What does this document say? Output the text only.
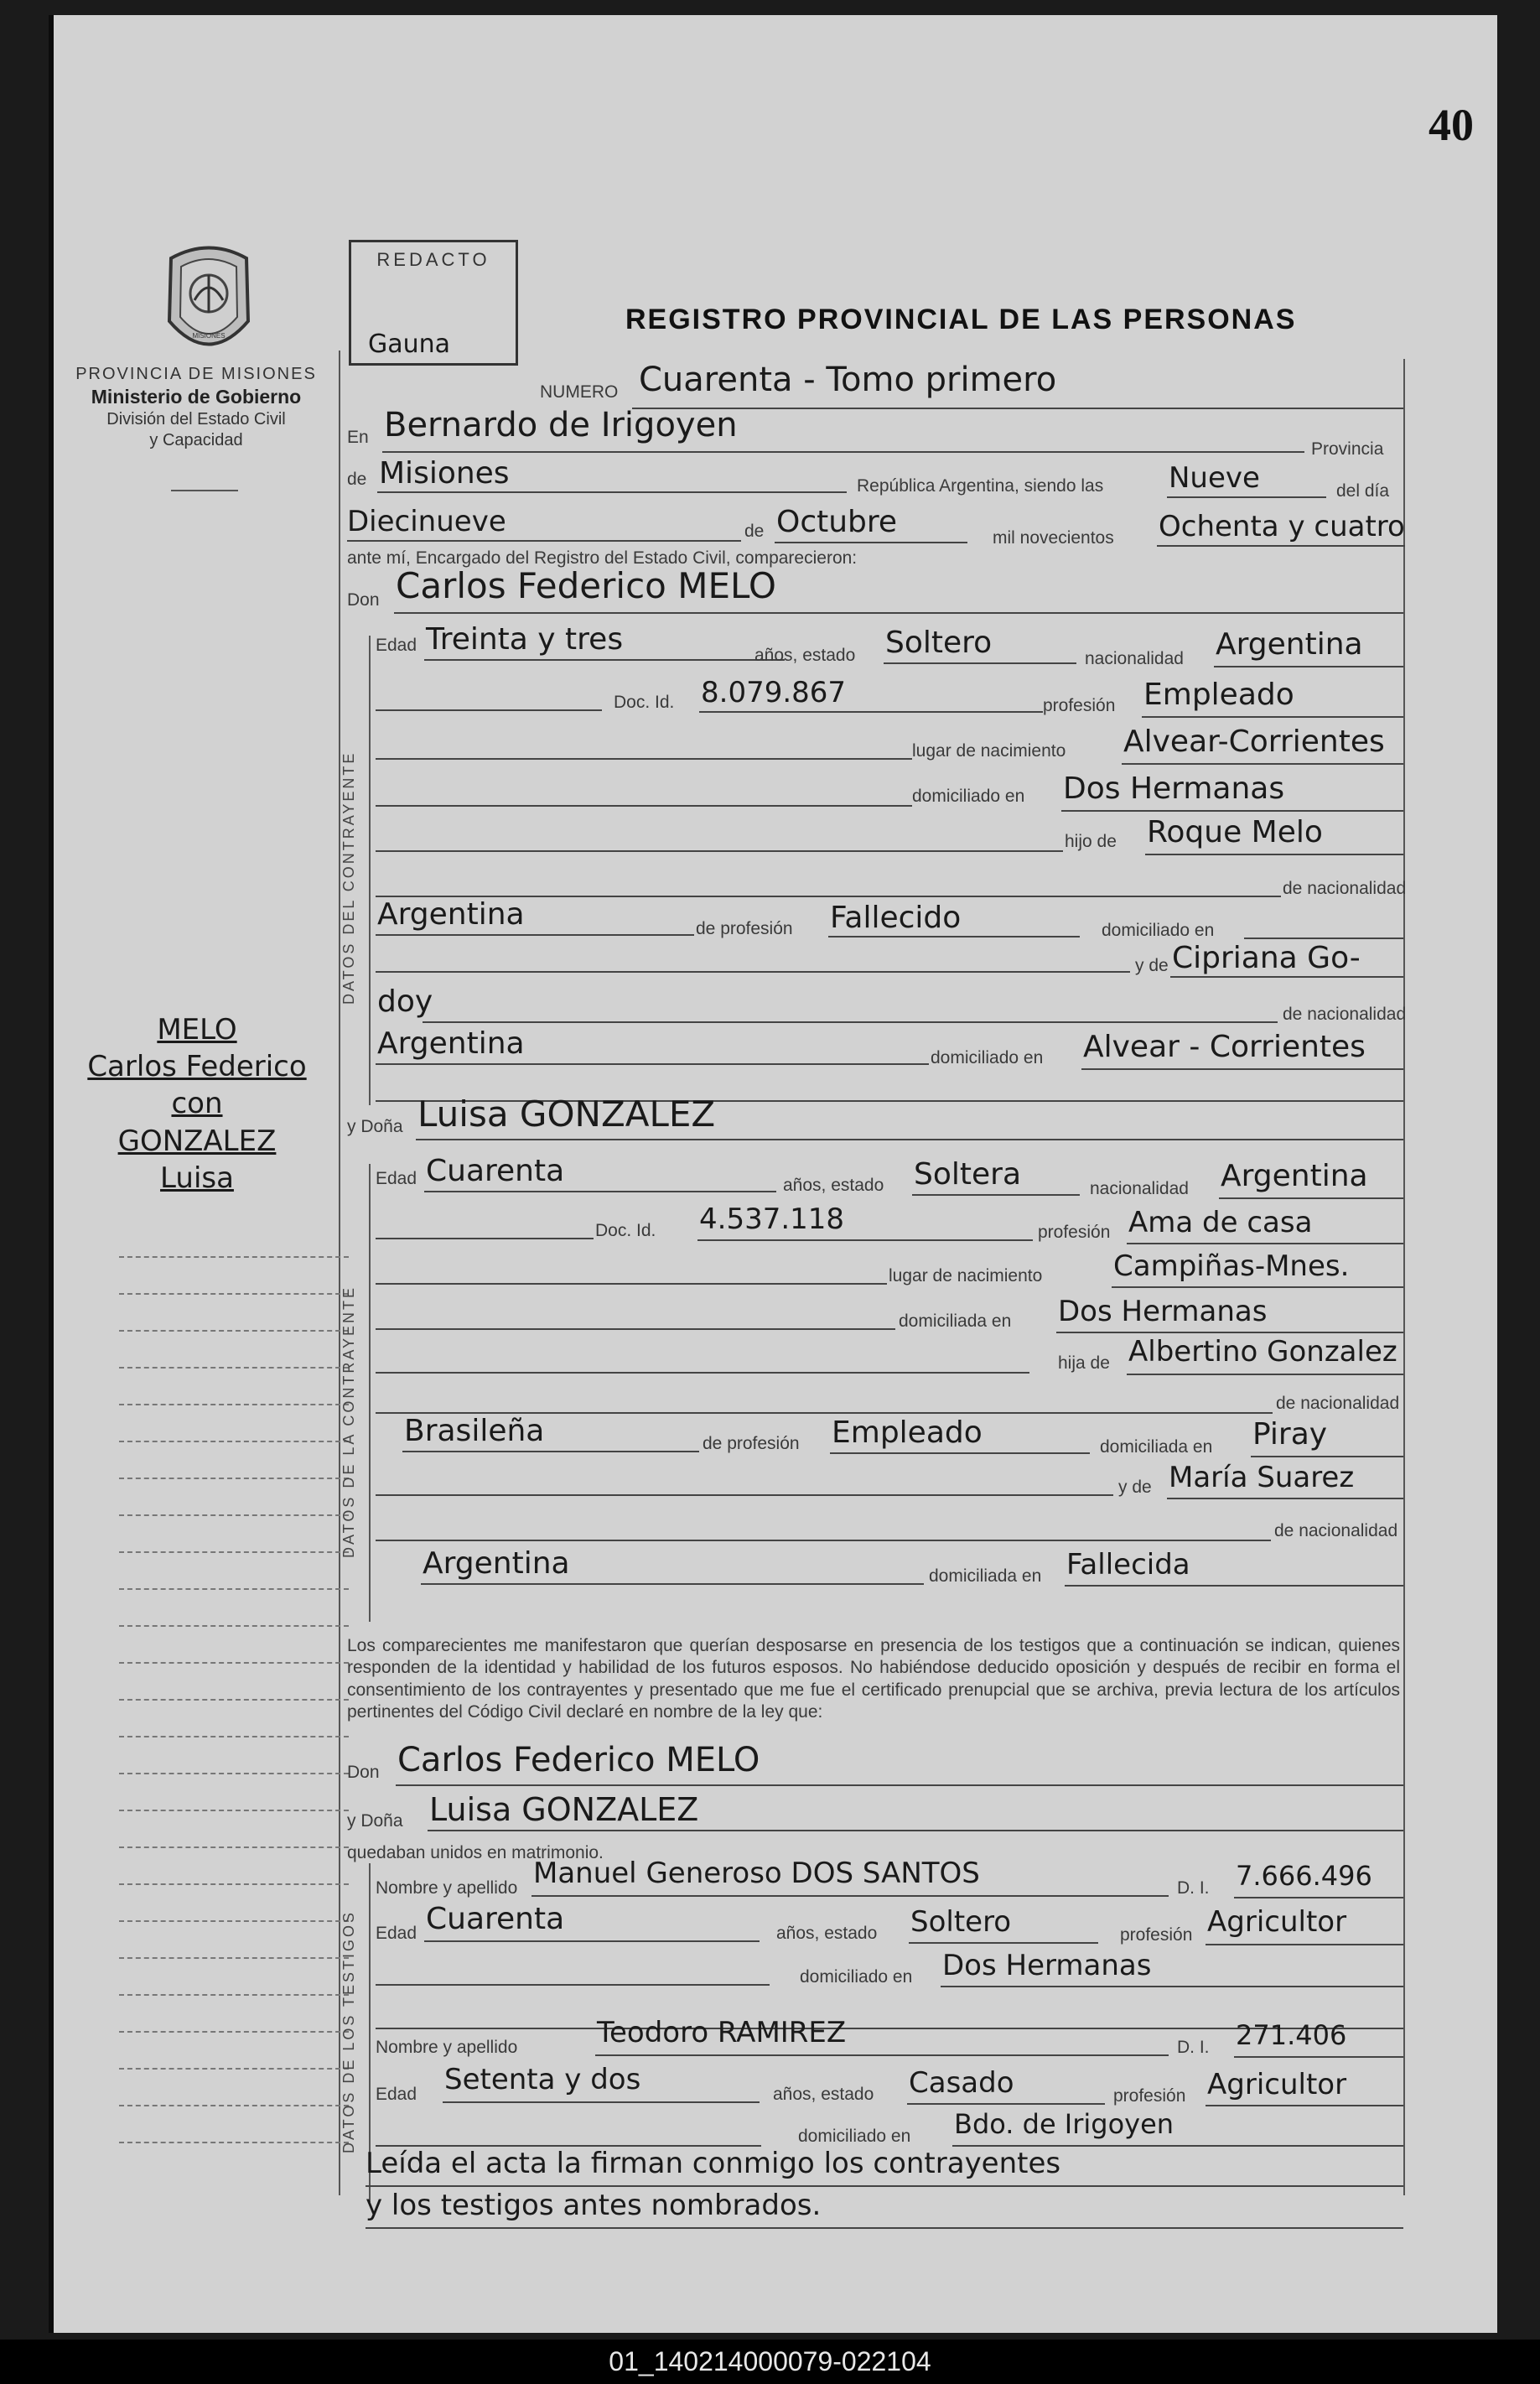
40
MISIONES
PROVINCIA DE MISIONES
Ministerio de Gobierno
División del Estado Civil
y Capacidad
REDACTO
Gauna
REGISTRO PROVINCIAL DE LAS PERSONAS
NUMERO Cuarenta - Tomo primero
En Bernardo de Irigoyen
Provincia
de Misiones	República Argentina, siendo las Nueve	del día
Diecinueve	de Octubre	mil novecientos Ochenta y cuatro
ante mí, Encargado del Registro del Estado Civil, comparecieron:
Don Carlos Federico MELO
DATOS DEL CONTRAYENTE
Edad Treinta y tres	años, estado Soltero	nacionalidad Argentina
Doc. Id. 8.079.867	profesión Empleado
lugar de nacimiento Alvear-Corrientes
domiciliado en Dos Hermanas
hijo de Roque Melo
de nacionalidad
Argentina	de profesión Fallecido	domiciliado en
y de Cipriana Go-
doy	de nacionalidad
Argentina	domiciliado en Alvear - Corrientes
MELO
Carlos Federico
con
GONZALEZ
Luisa
y Doña Luisa GONZALEZ
DATOS DE LA CONTRAYENTE
Edad Cuarenta	años, estado Soltera	nacionalidad Argentina
Doc. Id. 4.537.118	profesión Ama de casa
lugar de nacimiento Campiñas-Mnes.
domiciliada en Dos Hermanas
hija de Albertino Gonzalez
de nacionalidad
Brasileña	de profesión Empleado	domiciliada en Piray
y de María Suarez
de nacionalidad
Argentina	domiciliada en Fallecida
Los comparecientes me manifestaron que querían desposarse en presencia de los testigos que a continuación se indican, quienes responden de la identidad y habilidad de los futuros esposos. No habiéndose deducido oposición y después de recibir en forma el consentimiento de los contrayentes y presentado que me fue el certificado prenupcial que se archiva, previa lectura de los artículos pertinentes del Código Civil declaré en nombre de la ley que:
Don Carlos Federico MELO
y Doña Luisa GONZALEZ
quedaban unidos en matrimonio.
DATOS DE LOS TESTIGOS
Nombre y apellido Manuel Generoso DOS SANTOS	D. I. 7.666.496
Edad Cuarenta	años, estado Soltero	profesión Agricultor
domiciliado en Dos Hermanas
Nombre y apellido	Teodoro RAMIREZ	D. I. 271.406
Edad Setenta y dos	años, estado Casado	profesión Agricultor
domiciliado en Bdo. de Irigoyen
Leída el acta la firman conmigo los contrayentes
y los testigos antes nombrados.
01_140214000079-022104
